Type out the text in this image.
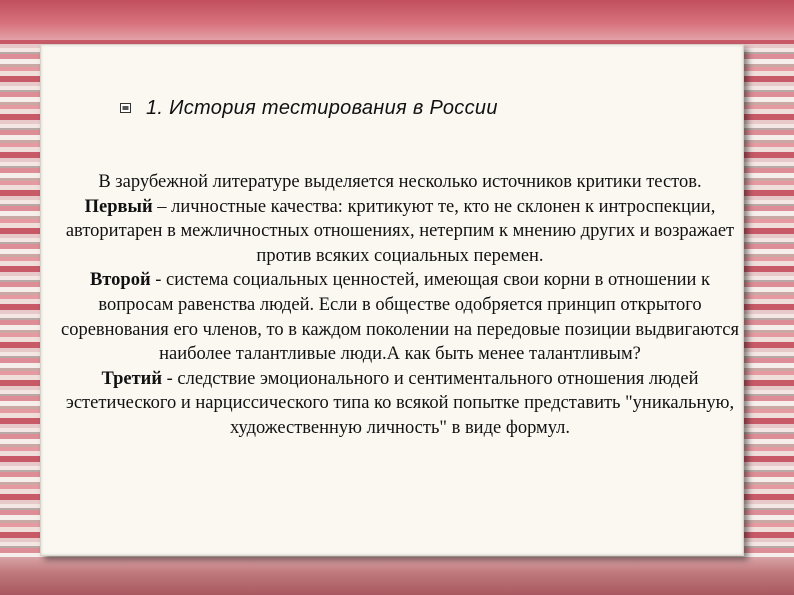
1. История тестирования в России

В зарубежной литературе выделяется несколько источников критики тестов.

Первый – личностные качества: критикуют те, кто не склонен к интроспекции, авторитарен в межличностных отношениях, нетерпим к мнению других и возражает против всяких социальных перемен.

Второй - система социальных ценностей, имеющая свои корни в отношении к вопросам равенства людей. Если в обществе одобряется принцип открытого соревнования его членов, то в каждом поколении на передовые позиции выдвигаются наиболее талантливые люди.А как быть менее талантливым?

Третий - следствие эмоционального и сентиментального отношения людей эстетического и нарциссического типа ко всякой попытке представить "уникальную, художественную личность" в виде формул.
